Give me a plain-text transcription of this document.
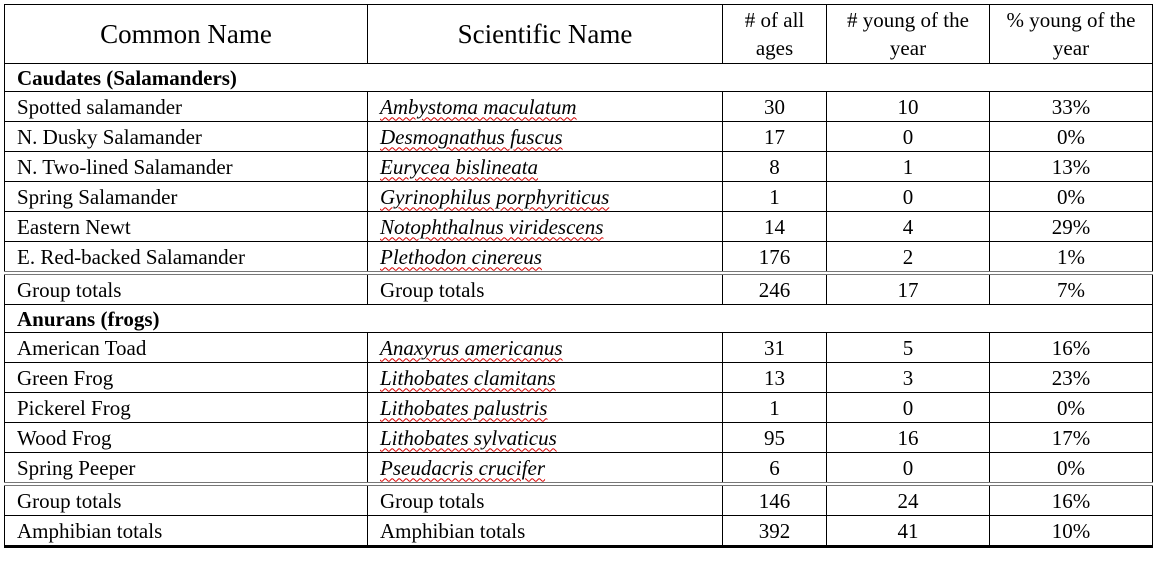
Common Name	Scientific Name	# of all ages	# young of the year	% young of the year
Caudates (Salamanders)				
Spotted salamander	Ambystoma maculatum	30	10	33%
N. Dusky Salamander	Desmognathus fuscus	17	0	0%
N. Two-lined Salamander	Eurycea bislineata	8	1	13%
Spring Salamander	Gyrinophilus porphyriticus	1	0	0%
Eastern Newt	Notophthalnus viridescens	14	4	29%
E. Red-backed Salamander	Plethodon cinereus	176	2	1%
Group totals	Group totals	246	17	7%
Anurans (frogs)				
American Toad	Anaxyrus americanus	31	5	16%
Green Frog	Lithobates clamitans	13	3	23%
Pickerel Frog	Lithobates palustris	1	0	0%
Wood Frog	Lithobates sylvaticus	95	16	17%
Spring Peeper	Pseudacris crucifer	6	0	0%
Group totals	Group totals	146	24	16%
Amphibian totals	Amphibian totals	392	41	10%
